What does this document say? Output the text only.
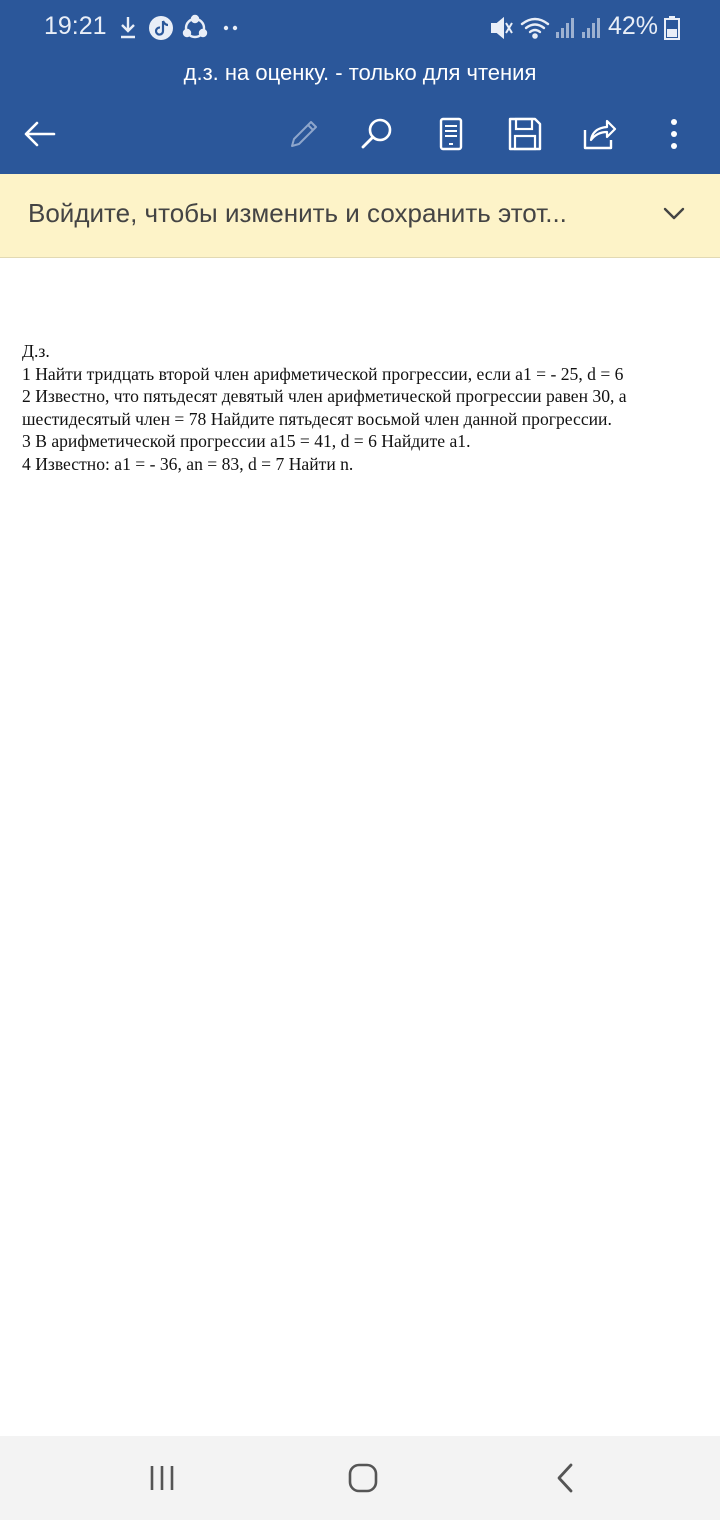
19:21	42%
д.з. на оценку. - только для чтения
Войдите, чтобы изменить и сохранить этот...
Д.з.
1 Найти тридцать второй член арифметической прогрессии, если a1 = - 25, d = 6
2 Известно, что пятьдесят девятый член арифметической прогрессии равен 30, а
шестидесятый член = 78 Найдите пятьдесят восьмой член данной прогрессии.
3 В арифметической прогрессии a15 = 41, d = 6 Найдите a1.
4 Известно: a1 = - 36, an = 83, d = 7 Найти n.
